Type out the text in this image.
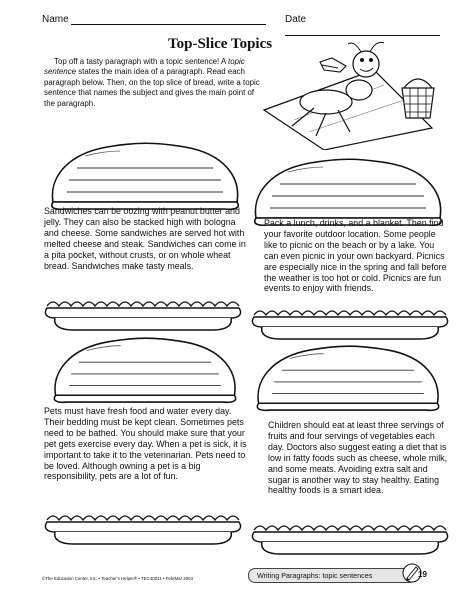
Name	Date
Top-Slice Topics

Top off a tasty paragraph with a topic sentence! A topic sentence states the main idea of a paragraph. Read each paragraph below. Then, on the top slice of bread, write a topic sentence that names the subject and gives the main point of the paragraph.

Sandwiches can be oozing with peanut butter and jelly. They can also be stacked high with bologna and cheese. Some sandwiches are served hot with melted cheese and steak. Sandwiches can come in a pita pocket, without crusts, or on whole wheat bread. Sandwiches make tasty meals.
Pack a lunch, drinks, and a blanket. Then find your favorite outdoor location. Some people like to picnic on the beach or by a lake. You can even picnic in your own backyard. Picnics are especially nice in the spring and fall before the weather is too hot or cold. Picnics are fun events to enjoy with friends.
Pets must have fresh food and water every day. Their bedding must be kept clean. Sometimes pets need to be bathed. You should make sure that your pet gets exercise every day. When a pet is sick, it is important to take it to the veterinarian. Pets need to be loved. Although owning a pet is a big responsibility, pets are a lot of fun.
Children should eat at least three servings of fruits and four servings of vegetables each day. Doctors also suggest eating a diet that is low in fatty foods such as cheese, whole milk, and some meats. Avoiding extra salt and sugar is another way to stay healthy. Eating healthy foods is a smart idea.
©The Education Center, Inc. • Teacher's Helper® • TEC40011 • Feb/Mar 2004	Writing Paragraphs: topic sentences	19
